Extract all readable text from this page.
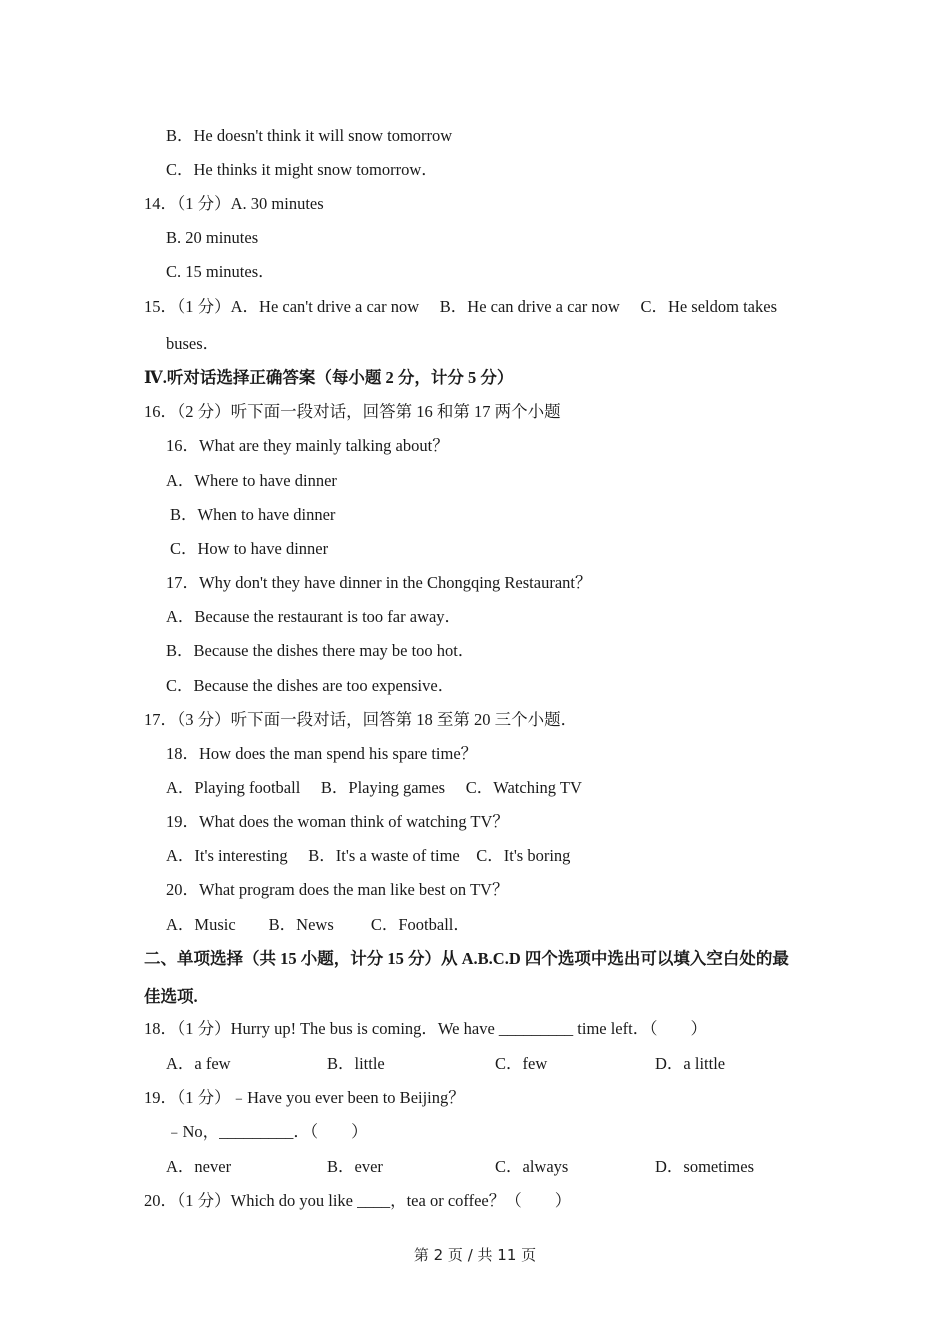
B．He doesn't think it will snow tomorrow
C．He thinks it might snow tomorrow．
14．（1 分）A. 30 minutes
B. 20 minutes
C. 15 minutes．
15．（1 分）A．He can't drive a car now　 B．He can drive a car now　 C．He seldom takes
buses．
Ⅳ.听对话选择正确答案（每小题 2 分，计分 5 分）
16．（2 分）听下面一段对话，回答第 16 和第 17 两个小题
16．What are they mainly talking about？
A．Where to have dinner
B．When to have dinner
C．How to have dinner
17．Why don't they have dinner in the Chongqing Restaurant？
A．Because the restaurant is too far away．
B．Because the dishes there may be too hot．
C．Because the dishes are too expensive．
17．（3 分）听下面一段对话，回答第 18 至第 20 三个小题．
18．How does the man spend his spare time？
A．Playing football　 B．Playing games　 C．Watching TV
19．What does the woman think of watching TV？
A．It's interesting　 B．It's a waste of time　C．It's boring
20．What program does the man like best on TV？
A．Music　　B．News　　 C．Football．
二、单项选择（共 15 小题，计分 15 分）从 A.B.C.D 四个选项中选出可以填入空白处的最
佳选项.
18．（1 分）Hurry up! The bus is coming．We have _________ time left．（　　）
A．a few	B．little	C．few	D．a little
19．（1 分）﹣Have you ever been to Beijing？
﹣No，_________．（　　）
A．never	B．ever	C．always	D．sometimes
20．（1 分）Which do you like ____，tea or coffee？（　　）
第 2 页 / 共 11 页
